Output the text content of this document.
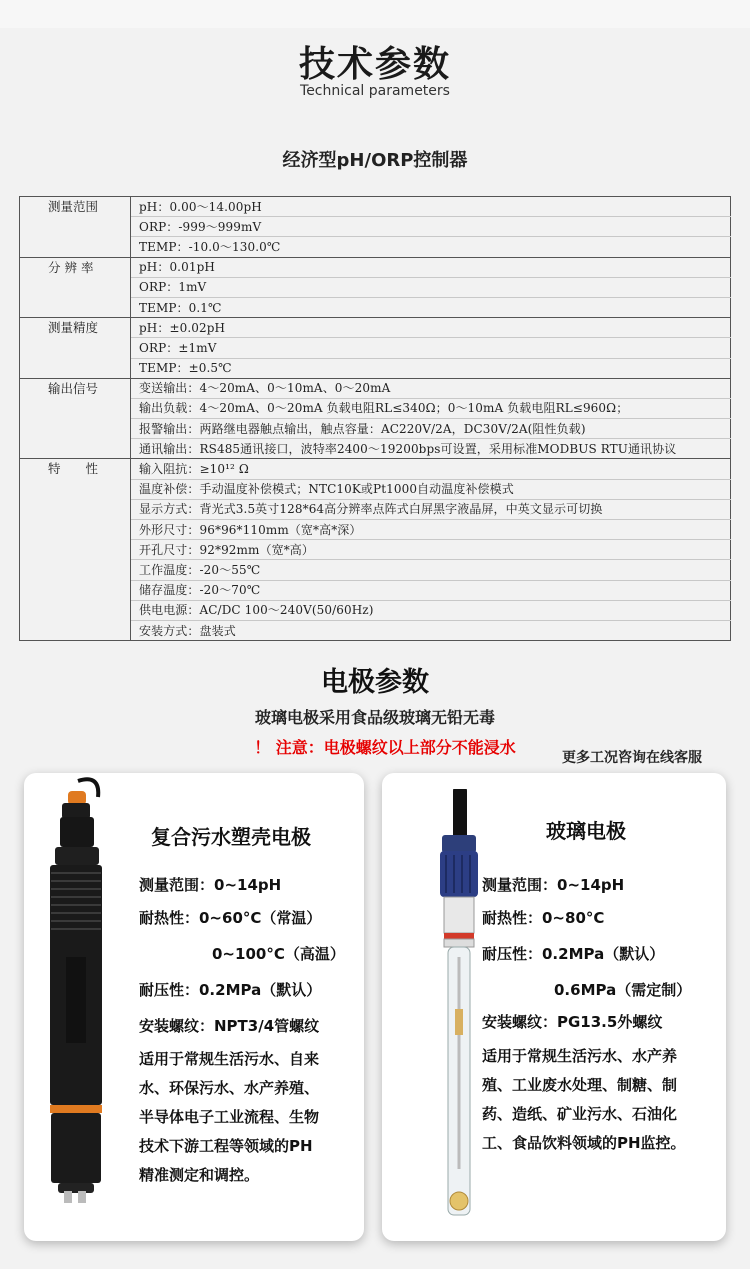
技术参数
Technical parameters
经济型pH/ORP控制器
测量范围	pH：0.00～14.00pH
	ORP：-999～999mV
	TEMP：-10.0～130.0℃
分 辨 率	pH：0.01pH
	ORP：1mV
	TEMP：0.1℃
测量精度	pH：±0.02pH
	ORP：±1mV
	TEMP：±0.5℃
输出信号	变送输出：4～20mA、0～10mA、0～20mA
	输出负载：4～20mA、0～20mA 负载电阻RL≤340Ω；0～10mA 负载电阻RL≤960Ω；
	报警输出：两路继电器触点输出，触点容量：AC220V/2A，DC30V/2A(阻性负载)
	通讯输出：RS485通讯接口，波特率2400～19200bps可设置，采用标准MODBUS RTU通讯协议
特　　性	输入阻抗：≥10¹² Ω
	温度补偿：手动温度补偿模式；NTC10K或Pt1000自动温度补偿模式
	显示方式：背光式3.5英寸128*64高分辨率点阵式白屏黑字液晶屏，中英文显示可切换
	外形尺寸：96*96*110mm（宽*高*深）
	开孔尺寸：92*92mm（宽*高）
	工作温度：-20～55℃
	储存温度：-20～70℃
	供电电源：AC/DC 100～240V(50/60Hz)
	安装方式：盘装式
电极参数
玻璃电极采用食品级玻璃无铅无毒
！ 注意：电极螺纹以上部分不能浸水
更多工况咨询在线客服
复合污水塑壳电极
测量范围：0~14pH
耐热性：0~60°C（常温）
0~100°C（高温）
耐压性：0.2MPa（默认）
安装螺纹：NPT3/4管螺纹
适用于常规生活污水、自来
水、环保污水、水产养殖、
半导体电子工业流程、生物
技术下游工程等领域的PH
精准测定和调控。
玻璃电极
测量范围：0~14pH
耐热性：0~80°C
耐压性：0.2MPa（默认）
0.6MPa（需定制）
安装螺纹：PG13.5外螺纹
适用于常规生活污水、水产养
殖、工业废水处理、制糖、制
药、造纸、矿业污水、石油化
工、食品饮料领域的PH监控。
